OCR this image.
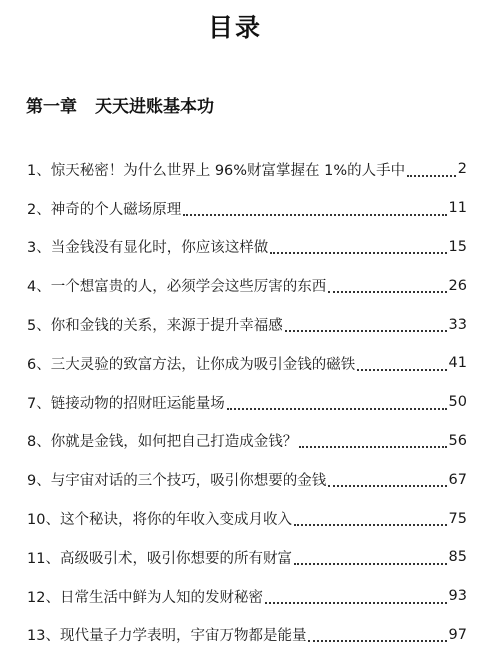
目录
第一章 天天进账基本功
1、惊天秘密！为什么世界上 96%财富掌握在 1%的人手中	2
2、神奇的个人磁场原理	11
3、当金钱没有显化时，你应该这样做	15
4、一个想富贵的人，必须学会这些厉害的东西	26
5、你和金钱的关系，来源于提升幸福感	33
6、三大灵验的致富方法，让你成为吸引金钱的磁铁	41
7、链接动物的招财旺运能量场	50
8、你就是金钱，如何把自己打造成金钱？	56
9、与宇宙对话的三个技巧，吸引你想要的金钱	67
10、这个秘诀，将你的年收入变成月收入	75
11、高级吸引术，吸引你想要的所有财富	85
12、日常生活中鲜为人知的发财秘密	93
13、现代量子力学表明，宇宙万物都是能量	97
